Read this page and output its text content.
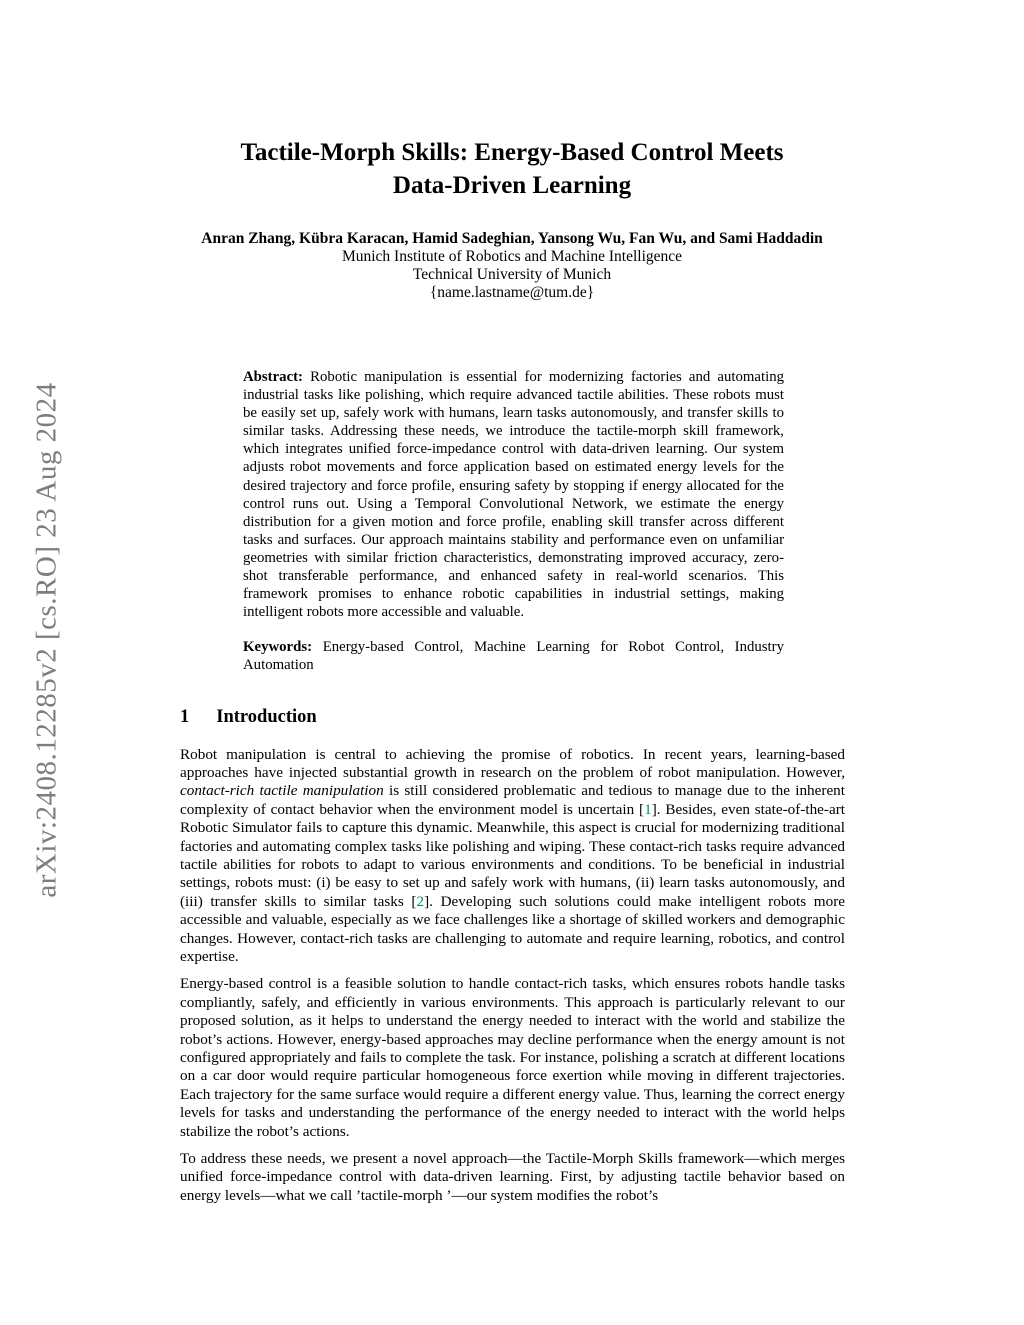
arXiv:2408.12285v2 [cs.RO] 23 Aug 2024
Tactile-Morph Skills: Energy-Based Control Meets
Data-Driven Learning
Anran Zhang, Kübra Karacan, Hamid Sadeghian, Yansong Wu, Fan Wu, and Sami Haddadin
Munich Institute of Robotics and Machine Intelligence
Technical University of Munich
{name.lastname@tum.de}

Abstract: Robotic manipulation is essential for modernizing factories and automating industrial tasks like polishing, which require advanced tactile abilities. These robots must be easily set up, safely work with humans, learn tasks autonomously, and transfer skills to similar tasks. Addressing these needs, we introduce the tactile-morph skill framework, which integrates unified force-impedance control with data-driven learning. Our system adjusts robot movements and force application based on estimated energy levels for the desired trajectory and force profile, ensuring safety by stopping if energy allocated for the control runs out. Using a Temporal Convolutional Network, we estimate the energy distribution for a given motion and force profile, enabling skill transfer across different tasks and surfaces. Our approach maintains stability and performance even on unfamiliar geometries with similar friction characteristics, demonstrating improved accuracy, zero-shot transferable performance, and enhanced safety in real-world scenarios. This framework promises to enhance robotic capabilities in industrial settings, making intelligent robots more accessible and valuable.

Keywords: Energy-based Control, Machine Learning for Robot Control, Industry Automation

1 Introduction

Robot manipulation is central to achieving the promise of robotics. In recent years, learning-based approaches have injected substantial growth in research on the problem of robot manipulation. However, contact-rich tactile manipulation is still considered problematic and tedious to manage due to the inherent complexity of contact behavior when the environment model is uncertain [1]. Besides, even state-of-the-art Robotic Simulator fails to capture this dynamic. Meanwhile, this aspect is crucial for modernizing traditional factories and automating complex tasks like polishing and wiping. These contact-rich tasks require advanced tactile abilities for robots to adapt to various environments and conditions. To be beneficial in industrial settings, robots must: (i) be easy to set up and safely work with humans, (ii) learn tasks autonomously, and (iii) transfer skills to similar tasks [2]. Developing such solutions could make intelligent robots more accessible and valuable, especially as we face challenges like a shortage of skilled workers and demographic changes. However, contact-rich tasks are challenging to automate and require learning, robotics, and control expertise.

Energy-based control is a feasible solution to handle contact-rich tasks, which ensures robots handle tasks compliantly, safely, and efficiently in various environments. This approach is particularly relevant to our proposed solution, as it helps to understand the energy needed to interact with the world and stabilize the robot’s actions. However, energy-based approaches may decline performance when the energy amount is not configured appropriately and fails to complete the task. For instance, polishing a scratch at different locations on a car door would require particular homogeneous force exertion while moving in different trajectories. Each trajectory for the same surface would require a different energy value. Thus, learning the correct energy levels for tasks and understanding the performance of the energy needed to interact with the world helps stabilize the robot’s actions.

To address these needs, we present a novel approach—the Tactile-Morph Skills framework—which merges unified force-impedance control with data-driven learning. First, by adjusting tactile behavior based on energy levels—what we call ’tactile-morph ’—our system modifies the robot’s
